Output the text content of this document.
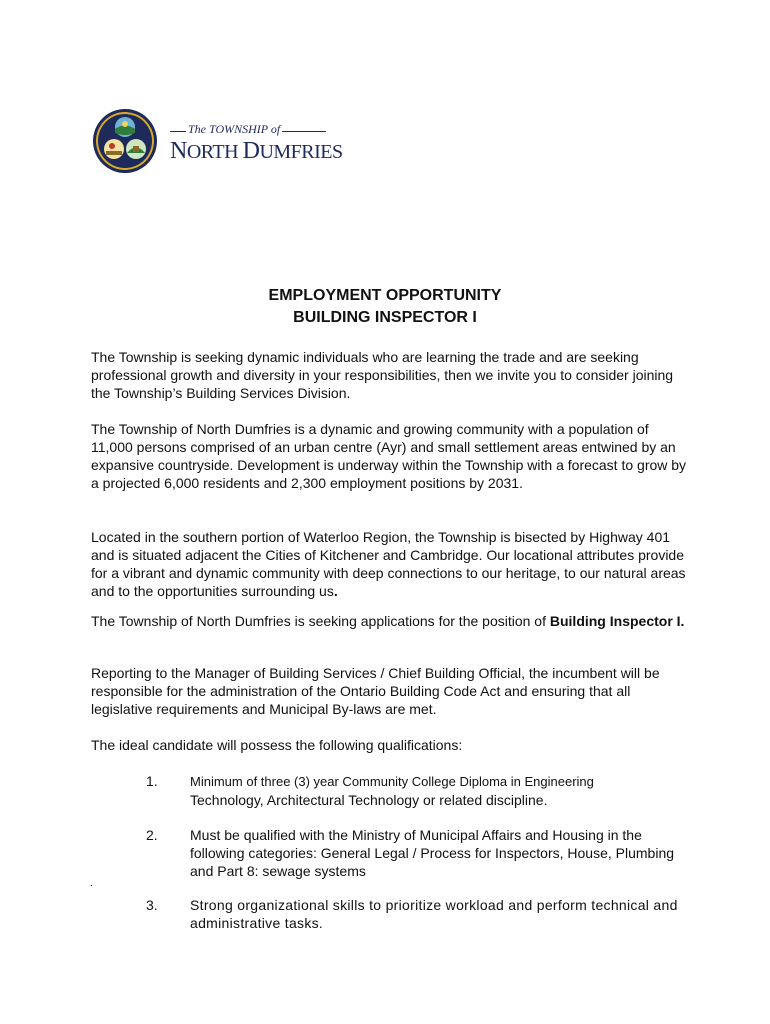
The TOWNSHIP of
NORTH DUMFRIES

EMPLOYMENT OPPORTUNITY

BUILDING INSPECTOR I

The Township is seeking dynamic individuals who are learning the trade and are seeking professional growth and diversity in your responsibilities, then we invite you to consider joining the Township’s Building Services Division.

The Township of North Dumfries is a dynamic and growing community with a population of 11,000 persons comprised of an urban centre (Ayr) and small settlement areas entwined by an expansive countryside. Development is underway within the Township with a forecast to grow by a projected 6,000 residents and 2,300 employment positions by 2031.

Located in the southern portion of Waterloo Region, the Township is bisected by Highway 401 and is situated adjacent the Cities of Kitchener and Cambridge. Our locational attributes provide for a vibrant and dynamic community with deep connections to our heritage, to our natural areas and to the opportunities surrounding us.

The Township of North Dumfries is seeking applications for the position of Building Inspector I.

Reporting to the Manager of Building Services / Chief Building Official, the incumbent will be responsible for the administration of the Ontario Building Code Act and ensuring that all legislative requirements and Municipal By-laws are met.

The ideal candidate will possess the following qualifications:

1. Minimum of three (3) year Community College Diploma in Engineering
Technology, Architectural Technology or related discipline.

2. Must be qualified with the Ministry of Municipal Affairs and Housing in the following categories: General Legal / Process for Inspectors, House, Plumbing and Part 8: sewage systems

.
3. Strong organizational skills to prioritize workload and perform technical and administrative tasks.
